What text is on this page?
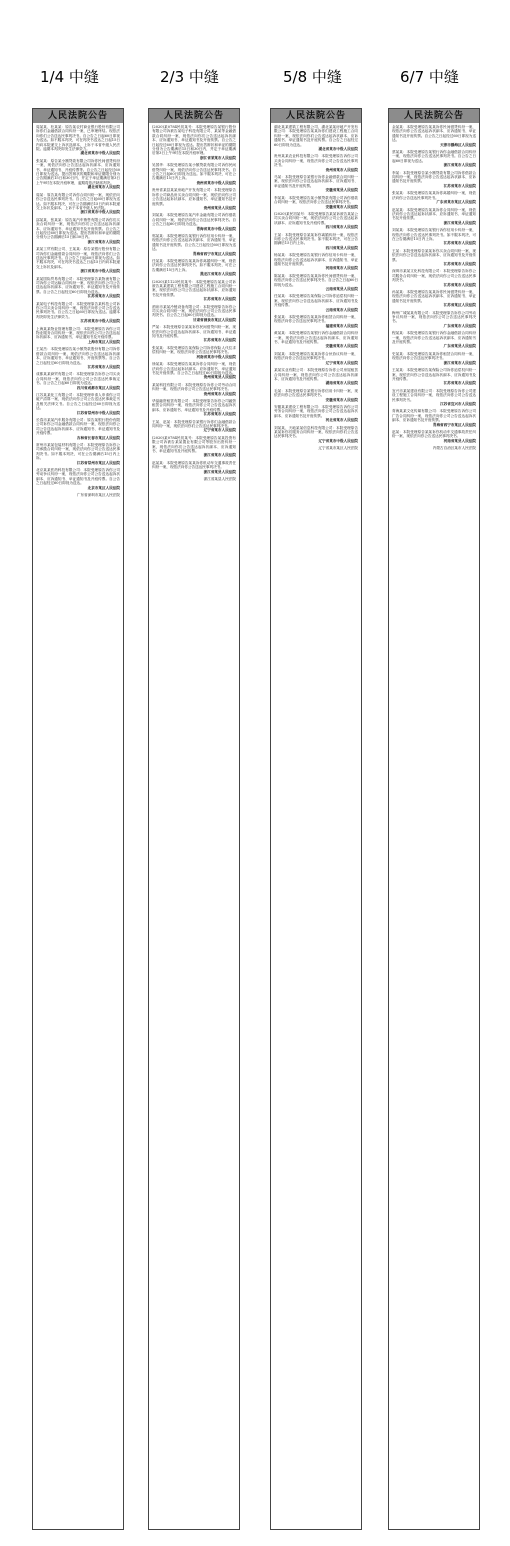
1/4 中缝	2/3 中缝	5/8 中缝	6/7 中缝
人民法院公告
周某某、杜某某：原告某农村商业银行股份有限公司诉你们金融借款合同纠纷一案，已审理终结。现依法向你们公告送达民事判决书。自公告之日起60日即视为送达。如不服本判决，可在判决书送达之日起15日内向本院递交上诉状及副本，上诉于本省中级人民法院。逾期本判决即发生法律效力。
湖北省某市中级人民法院
张某某：原告某小额贷款有限公司诉你民间借贷纠纷一案，现依法向你公告送达起诉状副本、应诉通知书、举证通知书、开庭传票等。自公告之日起经过60日即视为送达。提出答辩状的期限和举证期限分别为公告期满后15日和30日内，并定于举证期满后第3日上午9时在本院开庭审理，逾期将依法缺席判决。
湖北省某市人民法院
周某：原告某有限公司诉你合同纠纷一案，现依法向你公告送达民事判决书。自公告之日起60日即视为送达。如不服本判决，可在公告期满后15日内向本院递交上诉状及副本，上诉于本省中级人民法院。
浙江省某市中级人民法院
邵某某、张某某：原告某汽车销售有限公司诉你们买卖合同纠纷一案，现依法向你们公告送达起诉状副本、应诉通知书、举证通知书及开庭传票。自公告之日起经过60日即视为送达。提出答辩状和举证的期限分别为公告期满后15日和30日内。
浙江省某市人民法院
某某工贸有限公司、王某某：原告某银行股份有限公司诉你们金融借款合同纠纷一案，现依法向你们公告送达民事判决书。自公告之日起60日即视为送达。如不服本判决，可在判决书送达之日起15日内向本院递交上诉状及副本。
浙江省某市中级人民法院
某某国际贸易有限公司：本院受理原告某物流有限公司诉你公司运输合同纠纷一案，现依法向你公司公告送达起诉状副本、应诉通知书、举证通知书及开庭传票。自公告之日起经过60日即视为送达。
江苏省某市人民法院
某某电子科技有限公司：本院受理原告某科技公司诉你公司买卖合同纠纷一案，现依法向你公司公告送达民事判决书。自公告之日起60日即视为送达。逾期本判决即发生法律效力。
江苏省某市中级人民法院
上海某某物业管理有限公司：本院受理原告诉你公司物业服务合同纠纷一案，现依法向你公司公告送达起诉状副本、应诉通知书、举证通知书及开庭传票。
上海市某区人民法院
王某杰：本院受理原告某小额贷款股份有限公司诉你借款合同纠纷一案，现依法向你公告送达起诉状副本、应诉通知书、举证通知书、开庭传票等。自公告之日起经过60日即视为送达。
江苏省某市人民法院
成都某某商贸有限公司：本院受理原告诉你公司买卖合同纠纷一案，现依法向你公司公告送达民事裁定书。自公告之日起60日即视为送达。
四川省成都市某区人民法院
江苏某某化工有限公司：本院受理申请人申请你公司破产清算一案，现依法向你公司公告送达民事裁定书及相关法律文书。自公告之日起经过60日即视为送达。
江苏省常州市中级人民法院
长春市某某汽车服务有限公司：原告某银行股份有限公司诉你公司金融借款合同纠纷一案，现依法向你公司公告送达起诉状副本、应诉通知书、举证通知书及开庭传票。
吉林省长春市某区人民法院
常州市某某包装材料有限公司：本院受理原告诉你公司承揽合同纠纷一案，现依法向你公司公告送达民事判决书。如不服本判决，可在公告期满后15日内上诉。
江苏省常州市某区人民法院
北京某某医药科技有限公司：本院受理原告诉你公司劳动争议纠纷一案，现依法向你公司公告送达起诉状副本、应诉通知书、举证通知书及开庭传票。自公告之日起经过60日即视为送达。
北京市某区人民法院
广东省深圳市某区人民法院
人民法院公告
(2020)某0784民初某号：本院受理原告某银行股份有限公司诉被告某电子科技有限公司、某某等金融借款合同纠纷一案，现依法向你们公告送达起诉状副本、应诉通知书、举证通知书及开庭传票。自公告之日起经过60日即视为送达。提出答辩状和举证的期限分别为公告期满后15日和30日内，并定于举证期满后第3日上午9时在本院开庭审理。
浙江省某某市人民法院
吴国华：本院受理原告某小额贷款有限公司诉你民间借贷纠纷一案，现依法向你公告送达民事判决书。自公告之日起60日即视为送达。如不服本判决，可在公告期满后15日内上诉。
贵州省某市中级人民法院
贵州省某县某某房地产开发有限公司：本院受理原告诉你公司商品房买卖合同纠纷一案，现依法向你公司公告送达起诉状副本、应诉通知书、举证通知书及开庭传票。
贵州省某县人民法院
刘某某：本院受理原告某汽车金融有限公司诉你借款合同纠纷一案，现依法向你公告送达民事判决书。自公告之日起60日即视为送达。
青海省某市中级人民法院
郭某某：本院受理原告某银行诉你信用卡纠纷一案，现依法向你公告送达起诉状副本、应诉通知书、举证通知书及开庭传票。自公告之日起经过60日即视为送达。
青海省西宁市某区人民法院
任某某：本院受理原告某某诉你离婚纠纷一案，现依法向你公告送达民事判决书。如不服本判决，可在公告期满后15日内上诉。
黑龙江省某市人民法院
(2020)某1123民初某号：本院受理原告某某公司诉被告某某建筑工程有限公司建设工程施工合同纠纷一案，现依法向你公司公告送达起诉状副本、应诉通知书及开庭传票。
江苏省某市人民法院
酒泉市某某冷链设备有限公司：本院受理原告诉你公司买卖合同纠纷一案，现依法向你公司公告送达民事判决书。自公告之日起60日即视为送达。
甘肃省酒泉市某区人民法院
严某：本院受理原告某某诉你民间借贷纠纷一案，现依法向你公告送达起诉状副本、应诉通知书、举证通知书及开庭传票。
江苏省某市人民法院
张某某：本院受理原告某保险公司诉你保险人代位求偿权纠纷一案，现依法向你公告送达民事判决书。
河南省某市中级人民法院
徐某某：本院受理原告某某诉你合同纠纷一案，现依法向你公告送达起诉状副本、应诉通知书、举证通知书及开庭传票。自公告之日起经过60日即视为送达。
贵州省某县人民法院
某某科技有限公司：本院受理原告诉你公司劳动合同纠纷一案，现依法向你公司公告送达民事判决书。
贵州省某市人民法院
华晶融资租赁有限公司：本院受理原告诉你公司融资租赁合同纠纷一案，现依法向你公司公告送达起诉状副本、应诉通知书、举证通知书及开庭传票。
江苏省某市人民法院
王某、赵某：本院受理原告某银行诉你们金融借款合同纠纷一案，现依法向你们公告送达民事判决书。
辽宁省某市人民法院
(2020)某0784民初某号：本院受理原告某某投资有限公司诉被告某某置业有限公司等股东出资纠纷一案，现依法向你们公告送达起诉状副本、应诉通知书、举证通知书及开庭传票。
浙江省某市人民法院
赵某某：本院受理原告某某诉你机动车交通事故责任纠纷一案，现依法向你公告送达民事判决书。
浙江省某县人民法院
浙江省某县人民法院
人民法院公告
湖北某某建筑工程有限公司、湖北某某房地产开发有限公司：本院受理原告某某诉你们建设工程施工合同纠纷一案，现依法向你们公告送达起诉状副本、应诉通知书、举证通知书及开庭传票。自公告之日起经过60日即视为送达。
湖北省某市中级人民法院
贵州某某农业科技有限公司：本院受理原告诉你公司买卖合同纠纷一案，现依法向你公司公告送达民事判决书。
贵州省某市人民法院
马某：本院受理原告某银行诉你金融借款合同纠纷一案，现依法向你公告送达起诉状副本、应诉通知书、举证通知书及开庭传票。
安徽省某县人民法院
李某某：本院受理原告某小额贷款有限公司诉你借款合同纠纷一案，现依法向你公告送达民事判决书。
安徽省某市人民法院
(2020)某民初某号：本院受理原告某某诉被告某某公司买卖合同纠纷一案，现依法向你公司公告送达起诉状副本、应诉通知书及开庭传票。
四川省某市人民法院
王某：本院受理原告某某诉你离婚纠纷一案，现依法向你公告送达民事判决书。如不服本判决，可在公告期满后15日内上诉。
四川省某县人民法院
杨某某：本院受理原告某银行诉你信用卡纠纷一案，现依法向你公告送达起诉状副本、应诉通知书、举证通知书及开庭传票。
河南省某市人民法院
陈某某：本院受理原告某某诉你民间借贷纠纷一案，现依法向你公告送达民事判决书。自公告之日起60日即视为送达。
云南省某县人民法院
任某某：本院受理原告某保险公司诉你追偿权纠纷一案，现依法向你公告送达起诉状副本、应诉通知书及开庭传票。
云南省某市人民法院
张某某：本院受理原告某某诉你租赁合同纠纷一案，现依法向你公告送达民事判决书。
福建省某市人民法院
黄某某：本院受理原告某银行诉你金融借款合同纠纷一案，现依法向你公告送达起诉状副本、应诉通知书、举证通知书及开庭传票。
安徽省某市人民法院
刘某某：本院受理原告某某诉你合伙协议纠纷一案，现依法向你公告送达民事判决书。
辽宁省某市人民法院
某某实业有限公司：本院受理原告诉你公司房屋租赁合同纠纷一案，现依法向你公司公告送达起诉状副本、应诉通知书及开庭传票。
湖南省某市人民法院
毛某：本院受理原告某银行诉你信用卡纠纷一案，现依法向你公告送达民事判决书。
安徽省某市人民法院
安徽某某建设工程有限公司：本院受理原告诉你公司劳务合同纠纷一案，现依法向你公司公告送达起诉状副本、应诉通知书及开庭传票。
河北省某市人民法院
刘某某、天地某某信息科技有限公司：本院受理原告某某诉你们服务合同纠纷一案，现依法向你们公告送达民事判决书。
辽宁省某市中级人民法院
辽宁省某市某区人民法院
人民法院公告
金某某：本院受理原告某某诉你民间借贷纠纷一案，现依法向你公告送达起诉状副本、应诉通知书、举证通知书及开庭传票。自公告之日起经过60日即视为送达。
天津市静海区人民法院
蔡某某：本院受理原告某银行诉你金融借款合同纠纷一案，现依法向你公告送达民事判决书。自公告之日起60日即视为送达。
浙江省某市人民法院
李某：本院受理原告某小额贷款有限公司诉你借款合同纠纷一案，现依法向你公告送达起诉状副本、应诉通知书及开庭传票。
江苏省某市人民法院
张某某：本院受理原告某某诉你离婚纠纷一案，现依法向你公告送达民事判决书。
广东省某市某区人民法院
赵某某：本院受理原告某某诉你合同纠纷一案，现依法向你公告送达起诉状副本、应诉通知书、举证通知书及开庭传票。
浙江省某县人民法院
刘某某：本院受理原告某银行诉你信用卡纠纷一案，现依法向你公告送达民事判决书。如不服本判决，可在公告期满后15日内上诉。
江苏省某市人民法院
王某：本院受理原告某某诉你买卖合同纠纷一案，现依法向你公告送达起诉状副本、应诉通知书及开庭传票。
江苏省某市人民法院
深圳市某某文化科技有限公司：本院受理原告诉你公司服务合同纠纷一案，现依法向你公司公告送达民事判决书。
江苏省某市人民法院
孙某某：本院受理原告某某诉你民间借贷纠纷一案，现依法向你公告送达起诉状副本、应诉通知书、举证通知书及开庭传票。
江苏省某区人民法院
梅州广城某某有限公司：本院受理原告诉你公司劳动争议纠纷一案，现依法向你公司公告送达民事判决书。
广东省某市人民法院
程某某：本院受理原告某银行诉你金融借款合同纠纷一案，现依法向你公告送达起诉状副本、应诉通知书及开庭传票。
广东省某县人民法院
史某某：本院受理原告某某诉你租赁合同纠纷一案，现依法向你公告送达民事判决书。
浙江省某市人民法院
王某某：本院受理原告某保险公司诉你追偿权纠纷一案，现依法向你公告送达起诉状副本、应诉通知书及开庭传票。
江苏省某市人民法院
宜兴市某某建设有限公司：本院受理原告诉你公司建设工程施工合同纠纷一案，现依法向你公司公告送达民事判决书。
江苏省宜兴市人民法院
青海某某文化传媒有限公司：本院受理原告诉你公司广告合同纠纷一案，现依法向你公司公告送达起诉状副本、应诉通知书及开庭传票。
青海省西宁市某区人民法院
赵某：本院受理原告某某诉你机动车交通事故责任纠纷一案，现依法向你公告送达民事判决书。
河南省某县人民法院
内蒙古自治区某市人民法院
